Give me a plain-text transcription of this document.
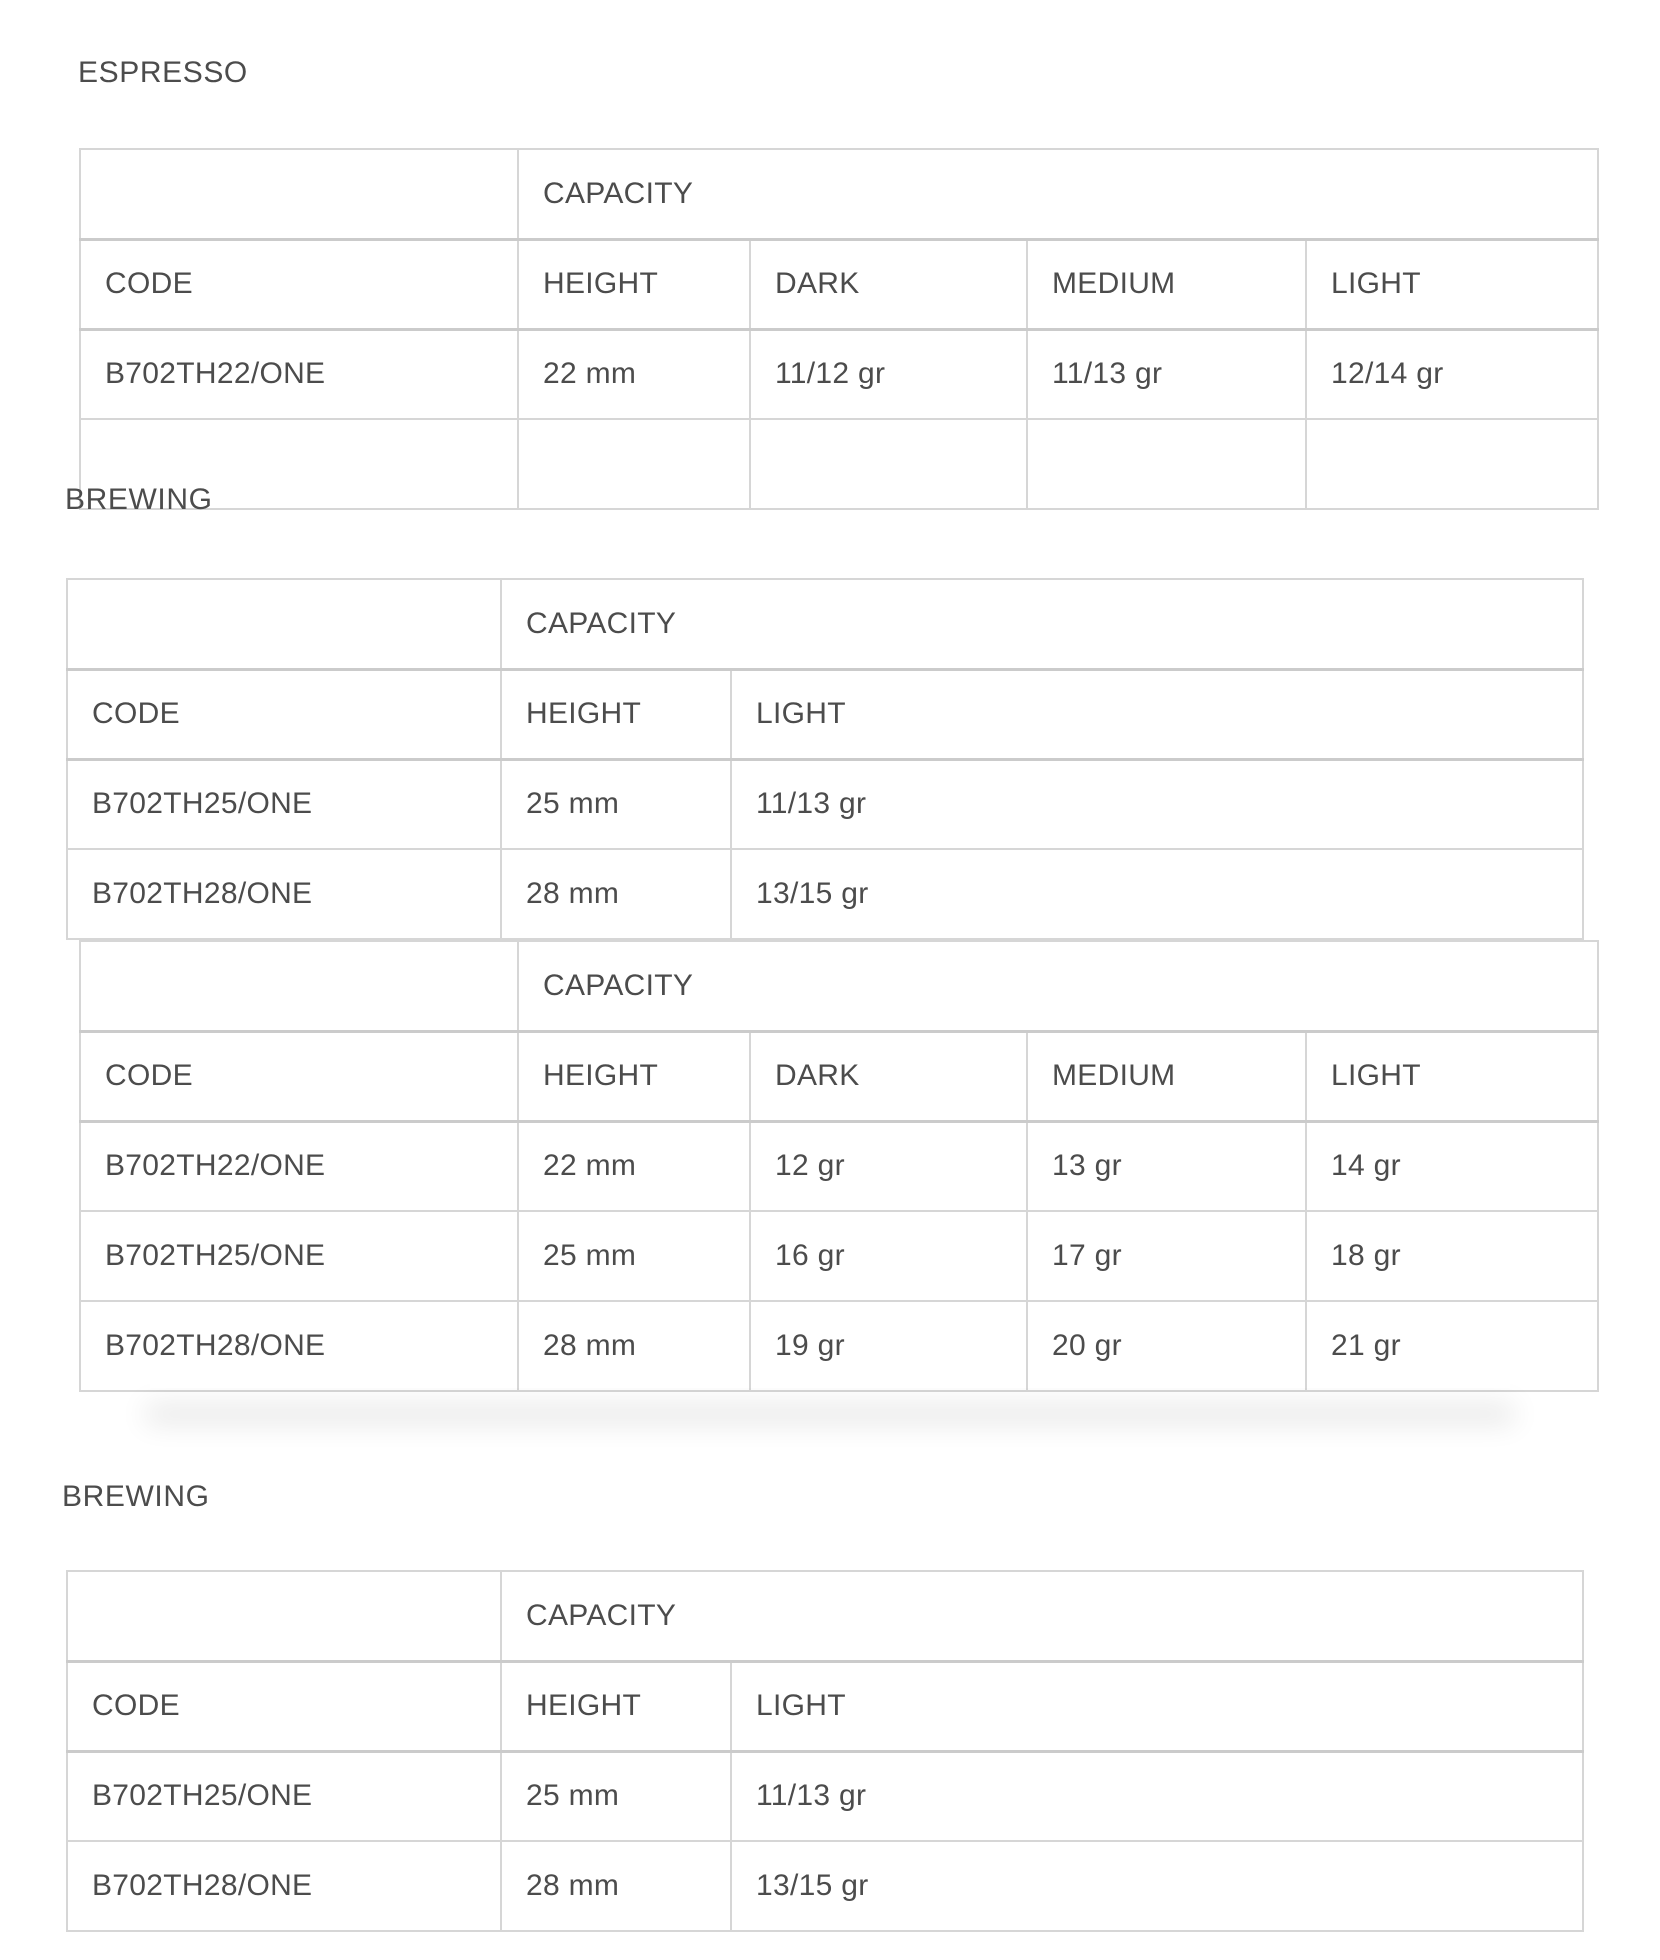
ESPRESSO
	CAPACITY			
CODE	HEIGHT	DARK	MEDIUM	LIGHT
B702TH22/ONE	22 mm	11/12 gr	11/13 gr	12/14 gr

BREWING
	CAPACITY	
CODE	HEIGHT	LIGHT
B702TH25/ONE	25 mm	11/13 gr
B702TH28/ONE	28 mm	13/15 gr
	CAPACITY			
CODE	HEIGHT	DARK	MEDIUM	LIGHT
B702TH22/ONE	22 mm	12 gr	13 gr	14 gr
B702TH25/ONE	25 mm	16 gr	17 gr	18 gr
B702TH28/ONE	28 mm	19 gr	20 gr	21 gr
BREWING
	CAPACITY	
CODE	HEIGHT	LIGHT
B702TH25/ONE	25 mm	11/13 gr
B702TH28/ONE	28 mm	13/15 gr
